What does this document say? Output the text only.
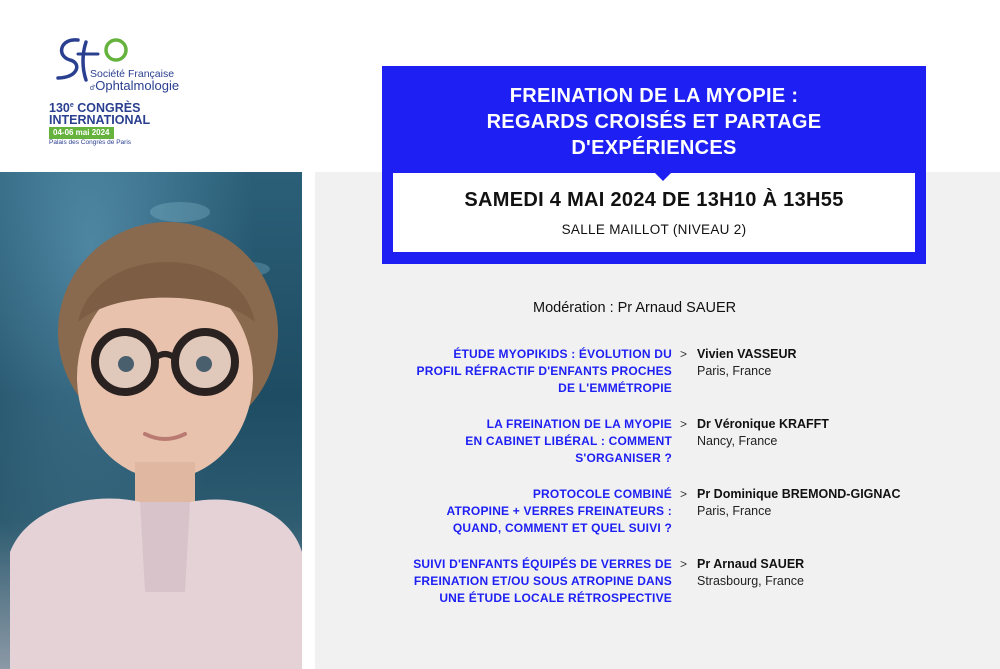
Société Française
d'Ophtalmologie
130e CONGRÈS
INTERNATIONAL
04-06 mai 2024
Palais des Congrès de Paris
FREINATION DE LA MYOPIE :
REGARDS CROISÉS ET PARTAGE
D'EXPÉRIENCES
SAMEDI 4 MAI 2024 DE 13H10 À 13H55
SALLE MAILLOT (NIVEAU 2)
Modération : Pr Arnaud SAUER
ÉTUDE MYOPIKIDS : ÉVOLUTION DU
PROFIL RÉFRACTIF D'ENFANTS PROCHES
DE L'EMMÉTROPIE
> Vivien VASSEUR
Paris, France
LA FREINATION DE LA MYOPIE
EN CABINET LIBÉRAL : COMMENT
S'ORGANISER ?
> Dr Véronique KRAFFT
Nancy, France
PROTOCOLE COMBINÉ
ATROPINE + VERRES FREINATEURS :
QUAND, COMMENT ET QUEL SUIVI ?
> Pr Dominique BREMOND-GIGNAC
Paris, France
SUIVI D'ENFANTS ÉQUIPÉS DE VERRES DE
FREINATION ET/OU SOUS ATROPINE DANS
UNE ÉTUDE LOCALE RÉTROSPECTIVE
> Pr Arnaud SAUER
Strasbourg, France
